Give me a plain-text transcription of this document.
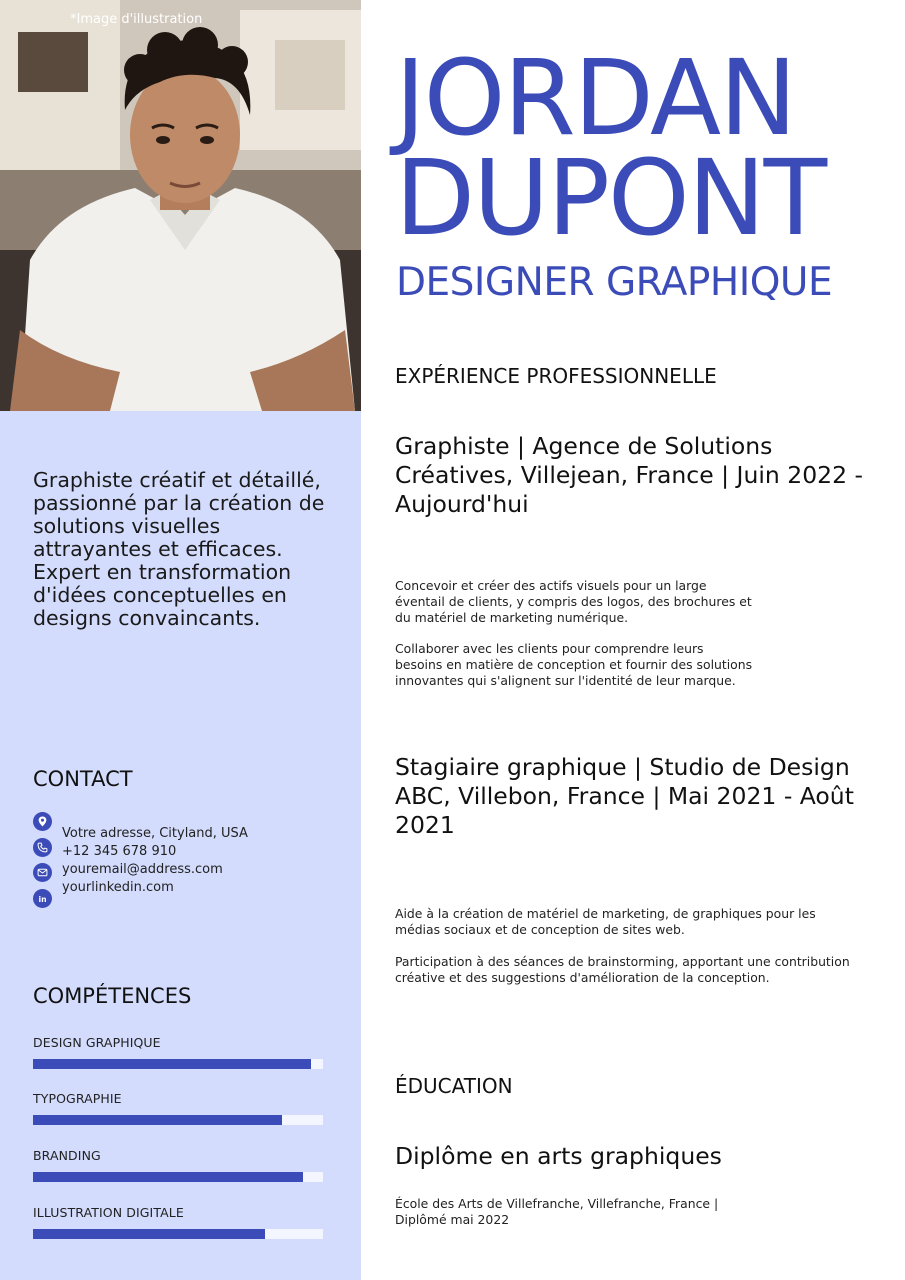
*Image d'illustration
Graphiste créatif et détaillé, passionné par la création de solutions visuelles attrayantes et efficaces. Expert en transformation d'idées conceptuelles en designs convaincants.
CONTACT
in
Votre adresse, Cityland, USA
+12 345 678 910
youremail@address.com
yourlinkedin.com
COMPÉTENCES
DESIGN GRAPHIQUE
TYPOGRAPHIE
BRANDING
ILLUSTRATION DIGITALE
JORDAN
DUPONT
DESIGNER GRAPHIQUE
EXPÉRIENCE PROFESSIONNELLE
Graphiste | Agence de Solutions Créatives, Villejean, France | Juin 2022 - Aujourd'hui
Concevoir et créer des actifs visuels pour un large
éventail de clients, y compris des logos, des brochures et
du matériel de marketing numérique.
Collaborer avec les clients pour comprendre leurs
besoins en matière de conception et fournir des solutions
innovantes qui s'alignent sur l'identité de leur marque.
Stagiaire graphique | Studio de Design ABC, Villebon, France | Mai 2021 - Août 2021
Aide à la création de matériel de marketing, de graphiques pour les
médias sociaux et de conception de sites web.
Participation à des séances de brainstorming, apportant une contribution
créative et des suggestions d'amélioration de la conception.
ÉDUCATION
Diplôme en arts graphiques
École des Arts de Villefranche, Villefranche, France |
Diplômé mai 2022
